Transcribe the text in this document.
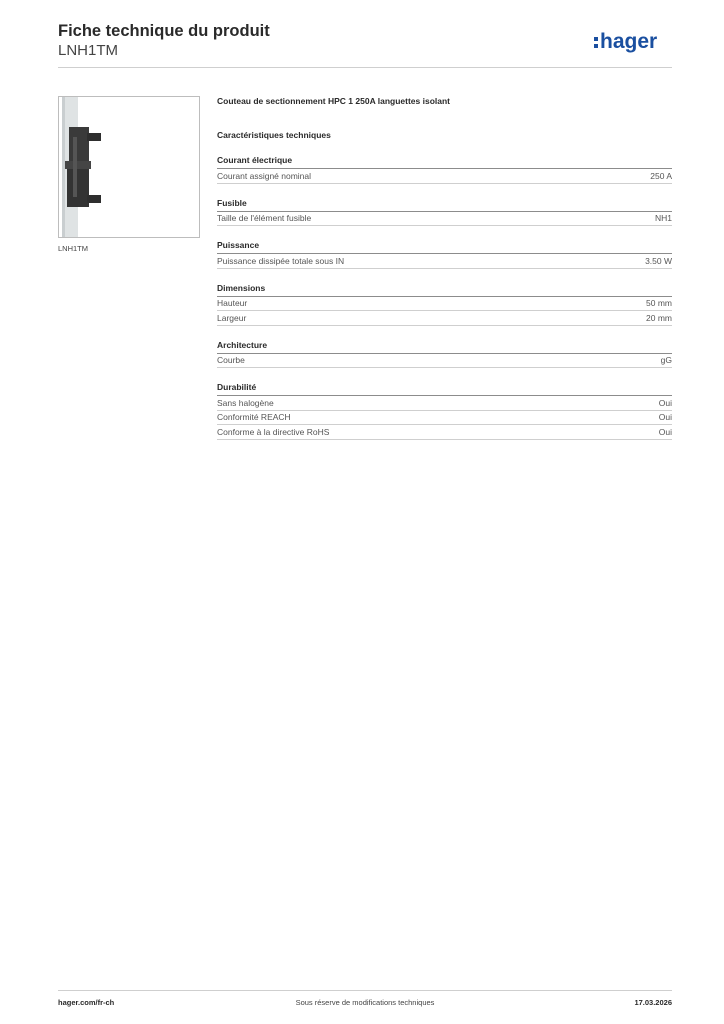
Fiche technique du produit
LNH1TM	hager
LNH1TM
Couteau de sectionnement HPC 1 250A languettes isolant
Caractéristiques techniques
Courant électrique
Courant assigné nominal	250 A
Fusible
Taille de l'élément fusible	NH1
Puissance
Puissance dissipée totale sous IN	3.50 W
Dimensions
Hauteur	50 mm
Largeur	20 mm
Architecture
Courbe	gG
Durabilité
Sans halogène	Oui
Conformité REACH	Oui
Conforme à la directive RoHS	Oui
hager.com/fr-ch	Sous réserve de modifications techniques	17.03.2026
